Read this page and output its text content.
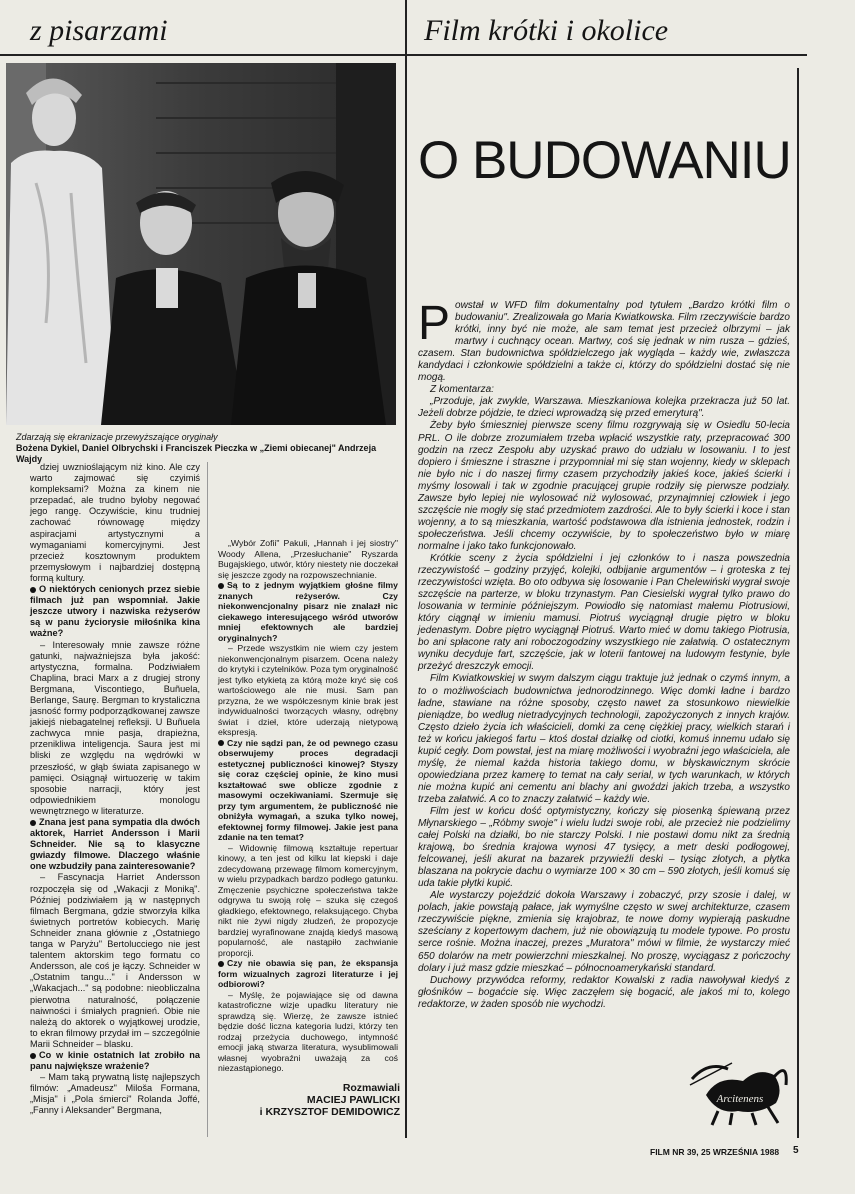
z pisarzami	Film krótki i okolice
Zdarzają się ekranizacje przewyższające oryginały
Bożena Dykiel, Daniel Olbrychski i Franciszek Pieczka w „Ziemi obiecanej" Andrzeja Wajdy

dziej uwznioślającym niż kino. Ale czy warto zajmować się czyimiś kompleksami? Można za kinem nie przepadać, ale trudno byłoby negować jego rangę. Oczywiście, kinu trudniej zachować równowagę między aspiracjami artystycznymi a wymaganiami komercyjnymi. Jest przecież kosztownym produktem przemysłowym i najbardziej dostępną formą kultury.

O niektórych cenionych przez siebie filmach już pan wspomniał. Jakie jeszcze utwory i nazwiska reżyserów są w panu życiorysie miłośnika kina ważne?

– Interesowały mnie zawsze różne gatunki, najważniejsza była jakość: artystyczna, formalna. Podziwiałem Chaplina, braci Marx a z drugiej strony Bergmana, Viscontiego, Buñuela, Berlange, Saurę. Bergman to krystaliczna jasność formy podporządkowanej zawsze jakiejś niebagatelnej refleksji. U Buñuela zachwyca mnie pasja, drapieżna, przenikliwa inteligencja. Saura jest mi bliski ze względu na wędrówki w przeszłość, w głąb świata zapisanego w pamięci. Osiągnął wirtuozerię w takim sposobie narracji, który jest odpowiednikiem monologu wewnętrznego w literaturze.

Znana jest pana sympatia dla dwóch aktorek, Harriet Andersson i Marii Schneider. Nie są to klasyczne gwiazdy filmowe. Dlaczego właśnie one wzbudziły pana zainteresowanie?

– Fascynacja Harriet Andersson rozpoczęła się od „Wakacji z Moniką". Później podziwiałem ją w następnych filmach Bergmana, gdzie stworzyła kilka świetnych portretów kobiecych. Marię Schneider znana głównie z „Ostatniego tanga w Paryżu" Bertolucciego nie jest talentem aktorskim tego formatu co Andersson, ale coś je łączy. Schneider w „Ostatnim tangu..." i Andersson w „Wakacjach..." są podobne: nieobliczalna pierwotna naturalność, połączenie naiwności i śmiałych pragnień. Obie nie należą do aktorek o wyjątkowej urodzie, to ekran filmowy przydał im – szczególnie Marii Schneider – blasku.

Co w kinie ostatnich lat zrobiło na panu największe wrażenie?

– Mam taką prywatną listę najlepszych filmów: „Amadeusz" Miloša Formana, „Misja" i „Pola śmierci" Rolanda Joffé, „Fanny i Aleksander" Bergmana,

„Wybór Zofii" Pakuli, „Hannah i jej siostry" Woody Allena, „Przesłuchanie" Ryszarda Bugajskiego, utwór, który niestety nie doczekał się jeszcze zgody na rozpowszechnianie.

Są to z jednym wyjątkiem głośne filmy znanych reżyserów. Czy niekonwencjonalny pisarz nie znalazł nic ciekawego interesującego wśród utworów mniej efektownych ale bardziej oryginalnych?

– Przede wszystkim nie wiem czy jestem niekonwencjonalnym pisarzem. Ocena należy do krytyki i czytelników. Poza tym oryginalność jest tylko etykietą za którą może kryć się coś wartościowego ale nie musi. Sam pan przyzna, że we współczesnym kinie brak jest indywidualności tworzących własny, odrębny świat i dzieł, które uderzają nietypową ekspresją.

Czy nie sądzi pan, że od pewnego czasu obserwujemy proces degradacji estetycznej publiczności kinowej? Styszy się coraz częściej opinie, że kino musi kształtować swe oblicze zgodnie z masowymi oczekiwaniami. Szermuje się przy tym argumentem, że publiczność nie obniżyła wymagań, a szuka tylko nowej, efektownej formy filmowej. Jakie jest pana zdanie na ten temat?

– Widownię filmową kształtuje repertuar kinowy, a ten jest od kilku lat kiepski i daje zdecydowaną przewagę filmom komercyjnym, w wielu przypadkach bardzo podłego gatunku. Zmęczenie psychiczne społeczeństwa także odgrywa tu swoją rolę – szuka się czegoś gładkiego, efektownego, relaksującego. Chyba nikt nie żywi nigdy złudzeń, że propozycje bardziej wyrafinowane znajdą kiedyś masową popularność, ale nastąpiło zachwianie proporcji.

Czy nie obawia się pan, że ekspansja form wizualnych zagrozi literaturze i jej odbiorowi?

– Myślę, że pojawiające się od dawna katastroficzne wizje upadku literatury nie sprawdzą się. Wierzę, że zawsze istnieć będzie dość liczna kategoria ludzi, którzy ten rodzaj przeżycia duchowego, intymność emocji jaką stwarza literatura, wysublimowali własnej wyobraźni uważają za coś niezastąpionego.

Rozmawiali

MACIEJ PAWLICKI

i KRZYSZTOF DEMIDOWICZ

O BUDOWANIU

Powstał w WFD film dokumentalny pod tytułem „Bardzo krótki film o budowaniu". Zrealizowała go Maria Kwiatkowska. Film rzeczywiście bardzo krótki, inny być nie może, ale sam temat jest przecież olbrzymi – jak martwy i cuchnący ocean. Martwy, coś się jednak w nim rusza – gdzieś, czasem. Stan budownictwa spółdzielczego jak wygląda – każdy wie, zwłaszcza kandydaci i członkowie spółdzielni a także ci, którzy do spółdzielni dostać się nie mogą.

Z komentarza:

„Przoduje, jak zwykle, Warszawa. Mieszkaniowa kolejka przekracza już 50 lat. Jeżeli dobrze pójdzie, te dzieci wprowadzą się przed emeryturą".

Żeby było śmieszniej pierwsze sceny filmu rozgrywają się w Osiedlu 50-lecia PRL. O ile dobrze zrozumiałem trzeba wpłacić wszystkie raty, przepracować 300 godzin na rzecz Zespołu aby uzyskać prawo do udziału w losowaniu. I to jest dopiero i śmieszne i straszne i przypomniał mi się stan wojenny, kiedy w sklepach nie było nic i do naszej firmy czasem przychodziły jakieś koce, jakieś ścierki i myśmy losowali i tak w zgodnie pracującej grupie rodziły się pierwsze podziały. Zawsze było lepiej nie wylosować niż wylosować, przynajmniej człowiek i jego szczęście nie mogły się stać przedmiotem zazdrości. Ale to były ścierki i koce i stan wojenny, a to są mieszkania, wartość podstawowa dla istnienia jednostek, rodzin i społeczeństwa. Jeśli chcemy oczywiście, by to społeczeństwo było w miarę normalne i jako tako funkcjonowało.

Krótkie sceny z życia spółdzielni i jej członków to i nasza powszednia rzeczywistość – godziny przyjęć, kolejki, odbijanie argumentów – i groteska z tej rzeczywistości wzięta. Bo oto odbywa się losowanie i Pan Chelewiński wygrał swoje szczęście na parterze, w bloku trzynastym. Pan Ciesielski wygrał tylko prawo do losowania w terminie późniejszym. Powiodło się natomiast małemu Piotrusiowi, który ciągnął w imieniu mamusi. Piotruś wyciągnął drugie piętro w bloku jedenastym. Dobre piętro wyciągnął Piotruś. Warto mieć w domu takiego Piotrusia, bo ani spłacone raty ani roboczogodziny wszystkiego nie załatwią. O ostatecznym wyniku decyduje fart, szczęście, jak w loterii fantowej na ludowym festynie, byle przeżyć dreszczyk emocji.

Film Kwiatkowskiej w swym dalszym ciągu traktuje już jednak o czymś innym, a to o możliwościach budownictwa jednorodzinnego. Więc domki ładne i bardzo ładne, stawiane na różne sposoby, często nawet za stosunkowo niewielkie pieniądze, bo według nietradycyjnych technologii, zapożyczonych z innych krajów. Często dzieło życia ich właścicieli, domki za cenę ciężkiej pracy, wielkich starań i też w końcu jakiegoś fartu – ktoś dostał działkę od ciotki, komuś innemu udało się kupić cegły. Dom powstał, jest na miarę możliwości i wyobraźni jego właściciela, ale myślę, że niemal każda historia takiego domu, w błyskawicznym skrócie opowiedziana przez kamerę to temat na cały serial, w tych warunkach, w których nie można kupić ani cementu ani blachy ani gwoździ jakich trzeba, a wszystko trzeba załatwić. A co to znaczy załatwić – każdy wie.

Film jest w końcu dość optymistyczny, kończy się piosenką śpiewaną przez Młynarskiego – „Róbmy swoje" i wielu ludzi swoje robi, ale przecież nie podzielimy całej Polski na działki, bo nie starczy Polski. I nie postawi domu nikt za średnią krajową, bo średnia krajowa wynosi 47 tysięcy, a metr deski podłogowej, felcowanej, jeśli akurat na bazarek przywieźli deski – tysiąc złotych, a płytka blaszana na pokrycie dachu o wymiarze 100 × 30 cm – 590 złotych, jeśli komuś się uda takie płytki kupić.

Ale wystarczy pojeździć dokoła Warszawy i zobaczyć, przy szosie i dalej, w polach, jakie powstają pałace, jak wymyślne często w swej architekturze, czasem rzeczywiście piękne, zmienia się krajobraz, te nowe domy wypierają paskudne sześciany z kopertowym dachem, już nie obowiązują tu modele typowe. Po prostu serce rośnie. Można inaczej, prezes „Muratora" mówi w filmie, że wystarczy mieć 650 dolarów na metr powierzchni mieszkalnej. No proszę, wyciągasz z pończochy dolary i już masz gdzie mieszkać – północnoamerykański standard.

Duchowy przywódca reformy, redaktor Kowalski z radia nawoływał kiedyś z głośników – bogaćcie się. Więc zaczęłem się bogacić, ale jakoś mi to, kolego redaktorze, w żaden sposób nie wychodzi.

Arcitenens
FILM NR 39, 25 WRZEŚNIA 1988 5
